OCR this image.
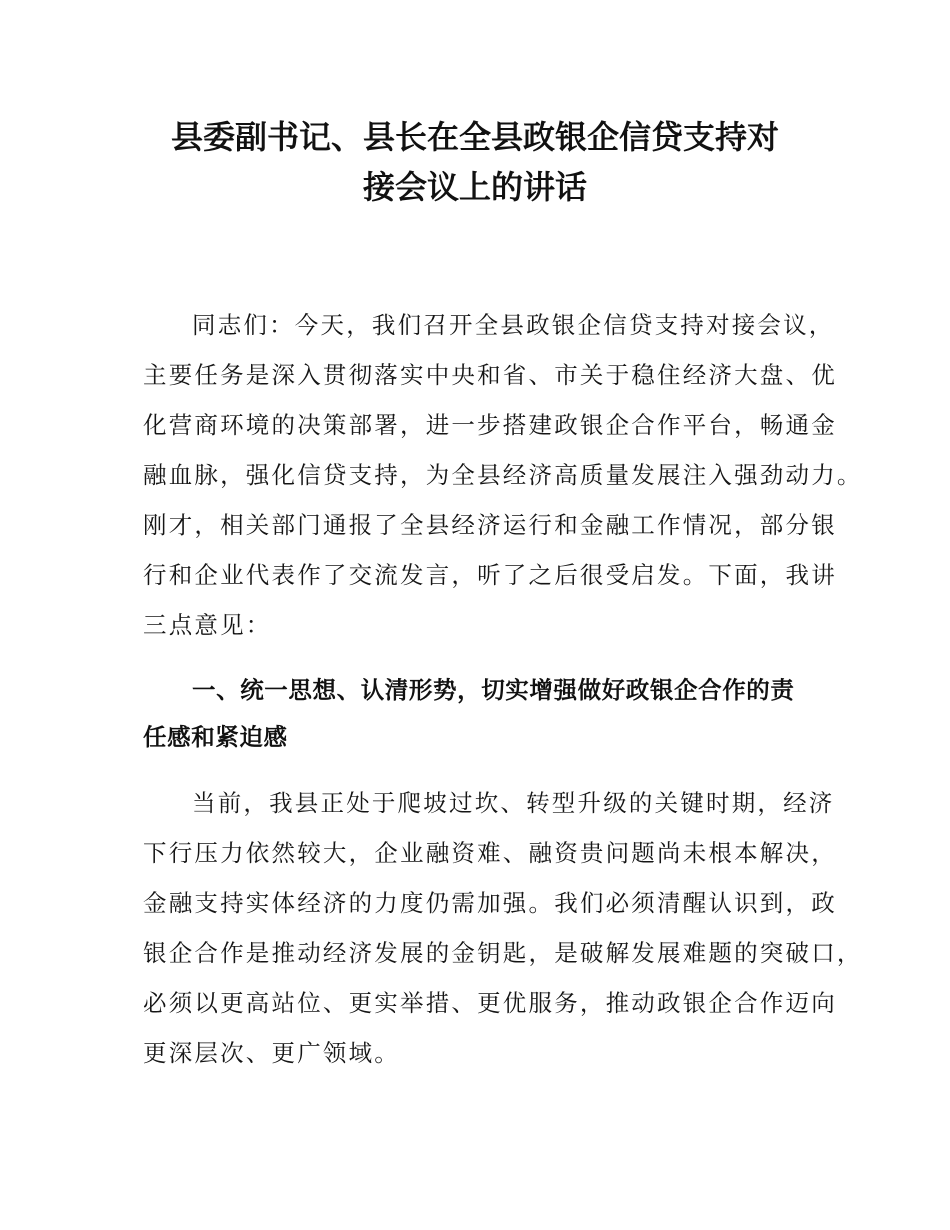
县委副书记、县长在全县政银企信贷支持对
接会议上的讲话
同志们：今天，我们召开全县政银企信贷支持对接会议，
主要任务是深入贯彻落实中央和省、市关于稳住经济大盘、优
化营商环境的决策部署，进一步搭建政银企合作平台，畅通金
融血脉，强化信贷支持，为全县经济高质量发展注入强劲动力。
刚才，相关部门通报了全县经济运行和金融工作情况，部分银
行和企业代表作了交流发言，听了之后很受启发。下面，我讲
三点意见：
一、统一思想、认清形势，切实增强做好政银企合作的责
任感和紧迫感
当前，我县正处于爬坡过坎、转型升级的关键时期，经济
下行压力依然较大，企业融资难、融资贵问题尚未根本解决，
金融支持实体经济的力度仍需加强。我们必须清醒认识到，政
银企合作是推动经济发展的金钥匙，是破解发展难题的突破口，
必须以更高站位、更实举措、更优服务，推动政银企合作迈向
更深层次、更广领域。
